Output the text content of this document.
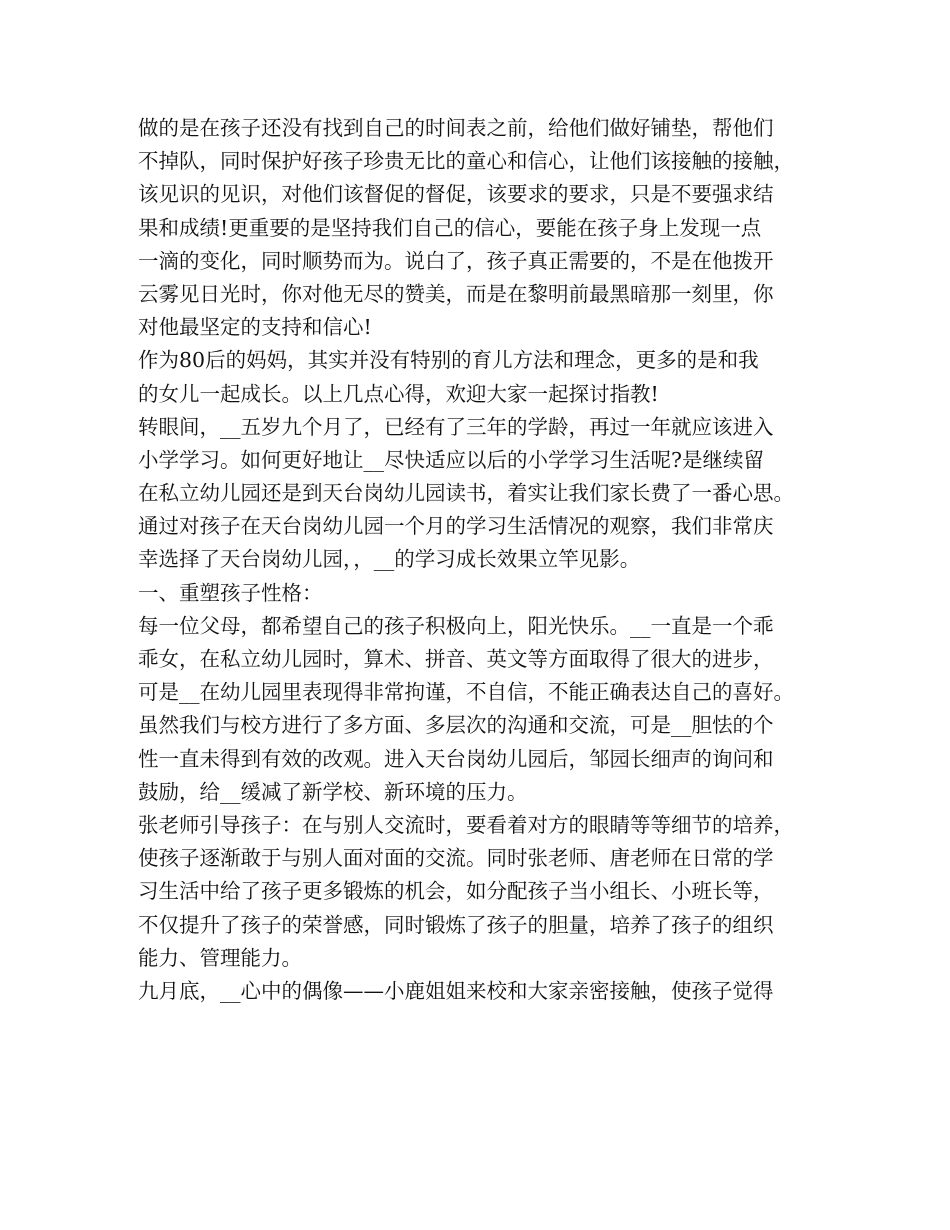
做的是在孩子还没有找到自己的时间表之前，给他们做好铺垫，帮他们
不掉队，同时保护好孩子珍贵无比的童心和信心，让他们该接触的接触，
该见识的见识，对他们该督促的督促，该要求的要求，只是不要强求结
果和成绩!更重要的是坚持我们自己的信心，要能在孩子身上发现一点
一滴的变化，同时顺势而为。说白了，孩子真正需要的，不是在他拨开
云雾见日光时，你对他无尽的赞美，而是在黎明前最黑暗那一刻里，你
对他最坚定的支持和信心!
作为80后的妈妈，其实并没有特别的育儿方法和理念，更多的是和我
的女儿一起成长。以上几点心得，欢迎大家一起探讨指教!
转眼间，__五岁九个月了，已经有了三年的学龄，再过一年就应该进入
小学学习。如何更好地让__尽快适应以后的小学学习生活呢?是继续留
在私立幼儿园还是到天台岗幼儿园读书，着实让我们家长费了一番心思。
通过对孩子在天台岗幼儿园一个月的学习生活情况的观察，我们非常庆
幸选择了天台岗幼儿园，，__的学习成长效果立竿见影。
一、重塑孩子性格：
每一位父母，都希望自己的孩子积极向上，阳光快乐。__一直是一个乖
乖女，在私立幼儿园时，算术、拼音、英文等方面取得了很大的进步，
可是__在幼儿园里表现得非常拘谨，不自信，不能正确表达自己的喜好。
虽然我们与校方进行了多方面、多层次的沟通和交流，可是__胆怯的个
性一直未得到有效的改观。进入天台岗幼儿园后，邹园长细声的询问和
鼓励，给__缓减了新学校、新环境的压力。
张老师引导孩子：在与别人交流时，要看着对方的眼睛等等细节的培养，
使孩子逐渐敢于与别人面对面的交流。同时张老师、唐老师在日常的学
习生活中给了孩子更多锻炼的机会，如分配孩子当小组长、小班长等，
不仅提升了孩子的荣誉感，同时锻炼了孩子的胆量，培养了孩子的组织
能力、管理能力。
九月底，__心中的偶像——小鹿姐姐来校和大家亲密接触，使孩子觉得
